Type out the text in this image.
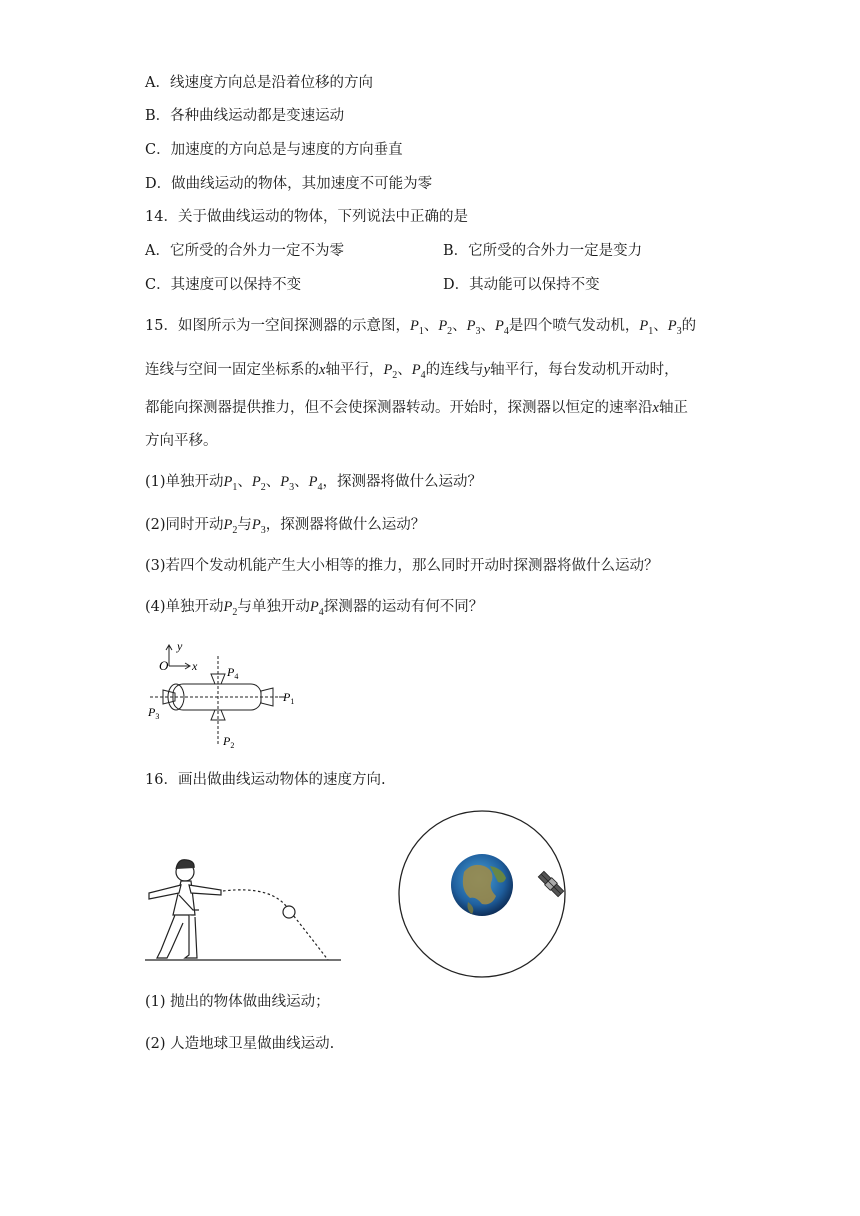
A．线速度方向总是沿着位移的方向
B．各种曲线运动都是变速运动
C．加速度的方向总是与速度的方向垂直
D．做曲线运动的物体，其加速度不可能为零
14．关于做曲线运动的物体，下列说法中正确的是
A．它所受的合外力一定不为零	B．它所受的合外力一定是变力
C．其速度可以保持不变	D．其动能可以保持不变
15．如图所示为一空间探测器的示意图，$P_1$、$P_2$、$P_3$、$P_4$是四个喷气发动机，$P_1$、$P_3$的
连线与空间一固定坐标系的x轴平行，$P_2$、$P_4$的连线与y轴平行，每台发动机开动时，
都能向探测器提供推力，但不会使探测器转动。开始时，探测器以恒定的速率沿x轴正
方向平移。
(1)单独开动$P_1$、$P_2$、$P_3$、$P_4$，探测器将做什么运动？
(2)同时开动$P_2$与$P_3$，探测器将做什么运动？
(3)若四个发动机能产生大小相等的推力，那么同时开动时探测器将做什么运动？
(4)单独开动$P_2$与单独开动$P_4$探测器的运动有何不同？
O
y
x $P_4$
$P_1$
$P_3$
$P_2$
16．画出做曲线运动物体的速度方向.
(1) 抛出的物体做曲线运动；
(2) 人造地球卫星做曲线运动.
